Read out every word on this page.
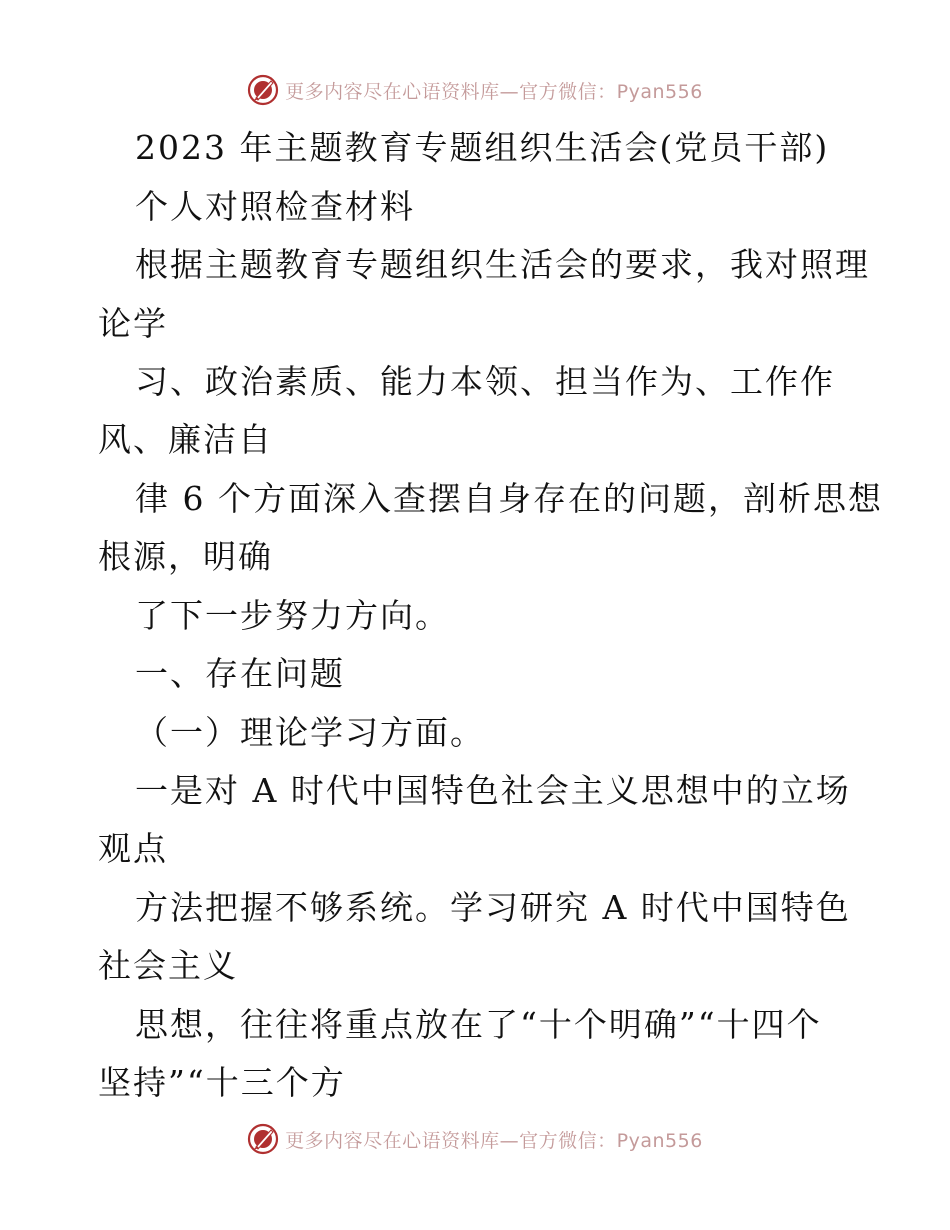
更多内容尽在心语资料库—官方微信：Pyan556
2023 年主题教育专题组织生活会(党员干部)
个人对照检查材料
根据主题教育专题组织生活会的要求，我对照理
论学
习、政治素质、能力本领、担当作为、工作作
风、廉洁自
律 6 个方面深入查摆自身存在的问题，剖析思想
根源，明确
了下一步努力方向。
一、存在问题
（一）理论学习方面。
一是对 A 时代中国特色社会主义思想中的立场
观点
方法把握不够系统。学习研究 A 时代中国特色
社会主义
思想，往往将重点放在了“十个明确”“十四个
坚持”“十三个方
更多内容尽在心语资料库—官方微信：Pyan556
